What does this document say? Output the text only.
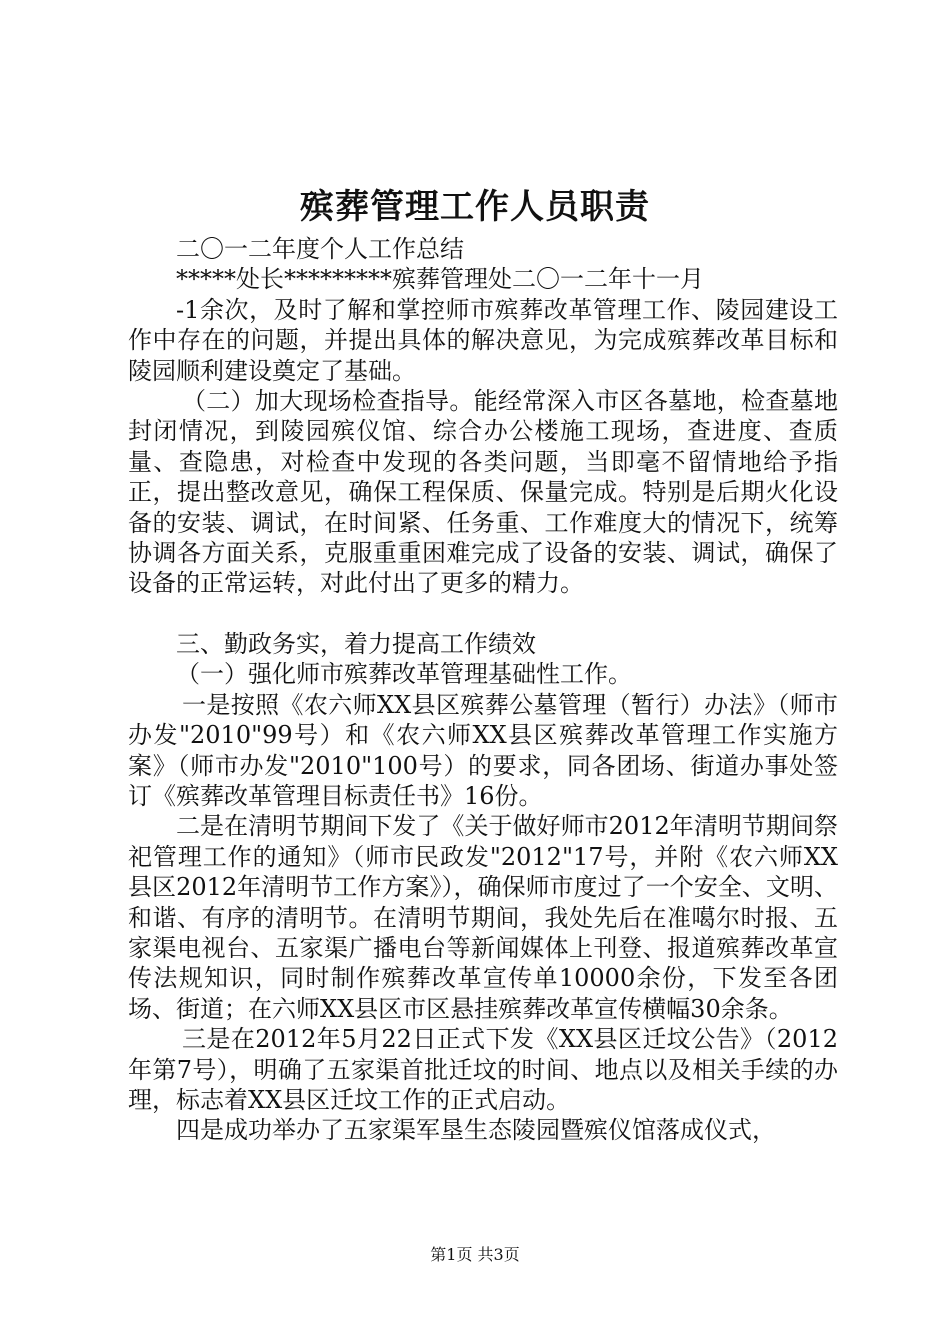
殡葬管理工作人员职责

二〇一二年度个人工作总结

*****处长*********殡葬管理处二〇一二年十一月

-1余次，及时了解和掌控师市殡葬改革管理工作、陵园建设工作中存在的问题，并提出具体的解决意见，为完成殡葬改革目标和陵园顺利建设奠定了基础。

（二）加大现场检查指导。能经常深入市区各墓地，检查墓地封闭情况，到陵园殡仪馆、综合办公楼施工现场，查进度、查质量、查隐患，对检查中发现的各类问题，当即毫不留情地给予指正，提出整改意见，确保工程保质、保量完成。特别是后期火化设备的安装、调试，在时间紧、任务重、工作难度大的情况下，统筹协调各方面关系，克服重重困难完成了设备的安装、调试，确保了设备的正常运转，对此付出了更多的精力。

三、勤政务实，着力提高工作绩效

（一）强化师市殡葬改革管理基础性工作。

一是按照《农六师XX县区殡葬公墓管理（暂行）办法》（师市办发"2010"99号）和《农六师XX县区殡葬改革管理工作实施方案》（师市办发"2010"100号）的要求，同各团场、街道办事处签订《殡葬改革管理目标责任书》16份。

二是在清明节期间下发了《关于做好师市2012年清明节期间祭祀管理工作的通知》（师市民政发"2012"17号，并附《农六师XX县区2012年清明节工作方案》），确保师市度过了一个安全、文明、和谐、有序的清明节。在清明节期间，我处先后在准噶尔时报、五家渠电视台、五家渠广播电台等新闻媒体上刊登、报道殡葬改革宣传法规知识，同时制作殡葬改革宣传单10000余份，下发至各团场、街道；在六师XX县区市区悬挂殡葬改革宣传横幅30余条。

三是在2012年5月22日正式下发《XX县区迁坟公告》（2012年第7号），明确了五家渠首批迁坟的时间、地点以及相关手续的办理，标志着XX县区迁坟工作的正式启动。

四是成功举办了五家渠军垦生态陵园暨殡仪馆落成仪式，

第1页 共3页
